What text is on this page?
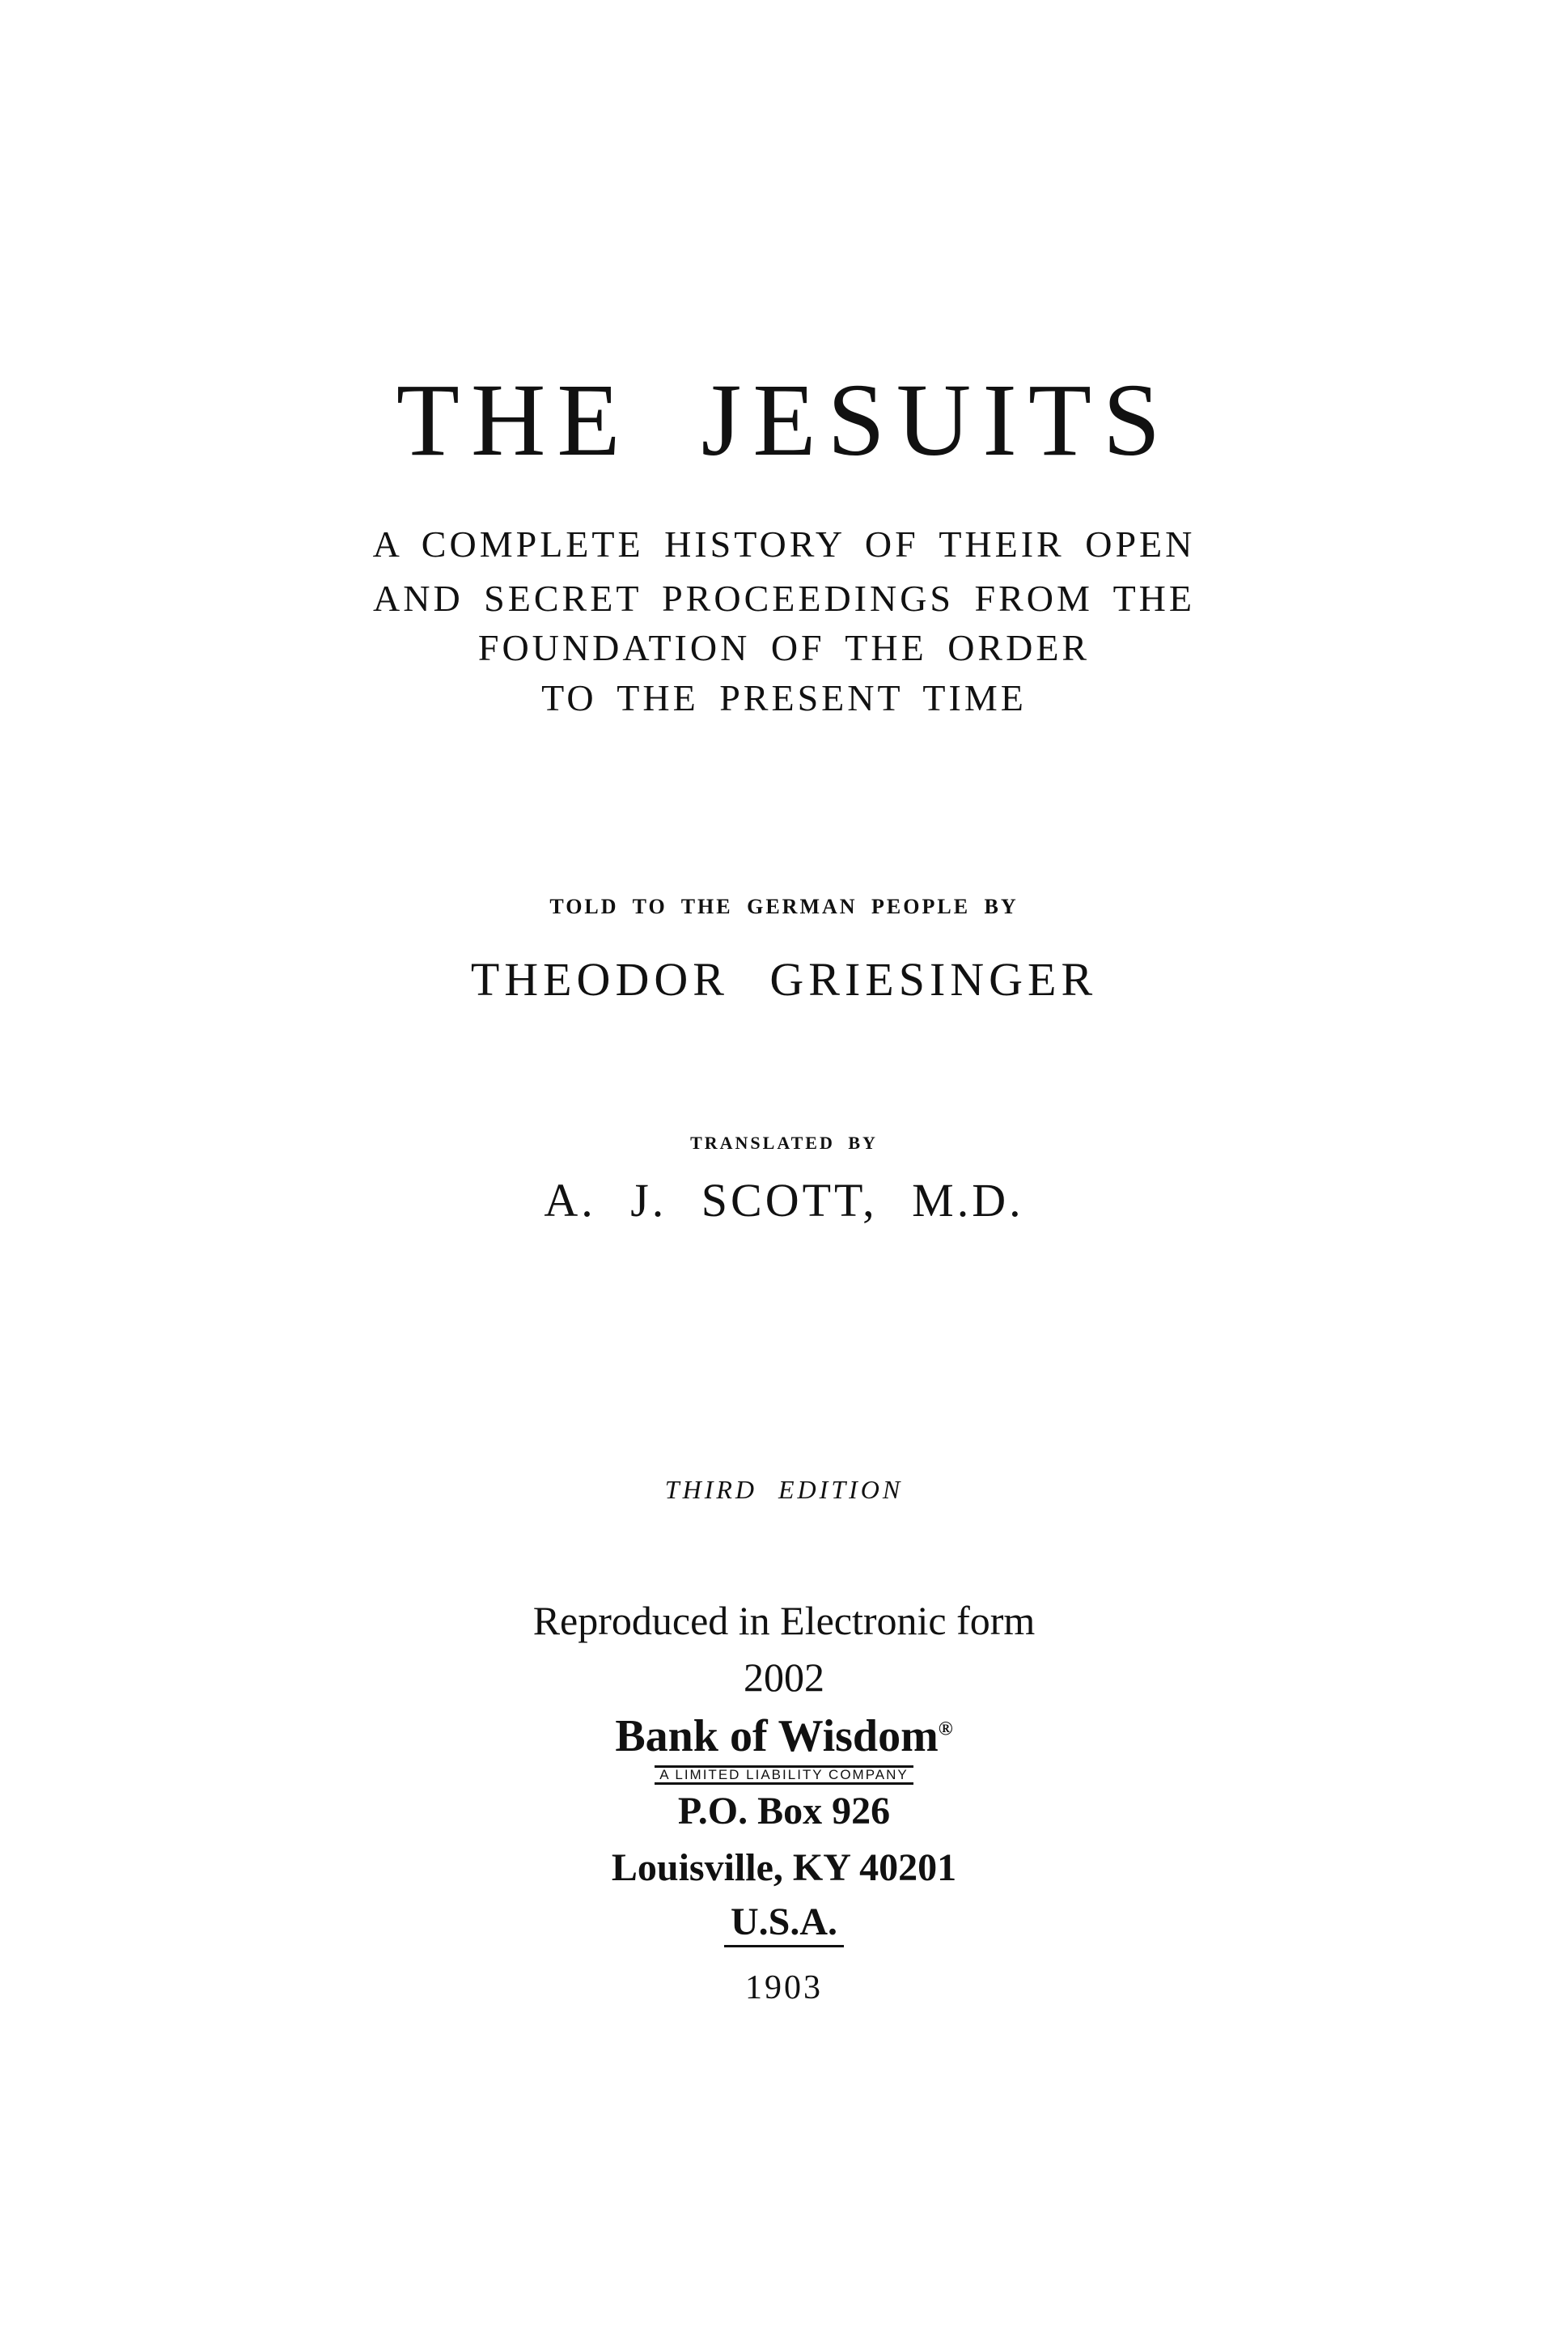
THE JESUITS
A COMPLETE HISTORY OF THEIR OPEN
AND SECRET PROCEEDINGS FROM THE
FOUNDATION OF THE ORDER
TO THE PRESENT TIME
TOLD TO THE GERMAN PEOPLE BY
THEODOR GRIESINGER
TRANSLATED BY
A. J. SCOTT, M.D.
THIRD EDITION
Reproduced in Electronic form
2002
Bank of Wisdom®
A LIMITED LIABILITY COMPANY
P.O. Box 926
Louisville, KY 40201
U.S.A.
1903
